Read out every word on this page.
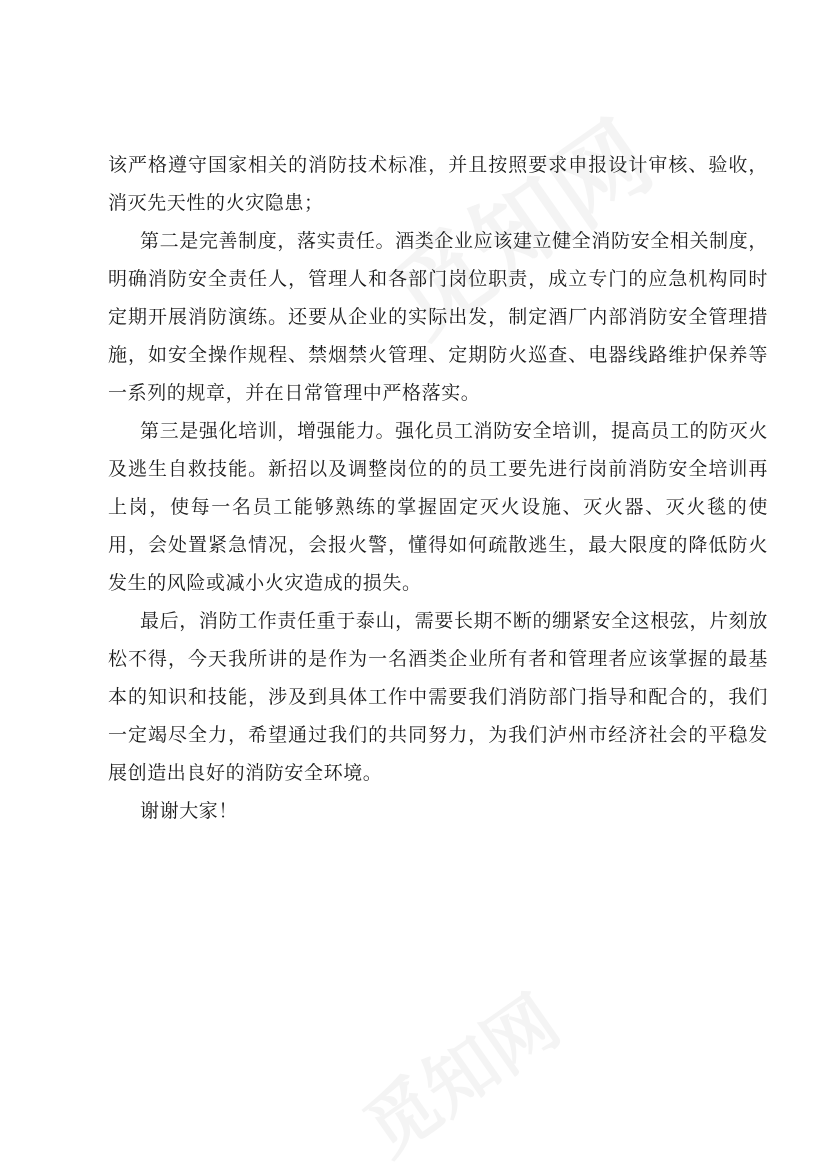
该严格遵守国家相关的消防技术标准，并且按照要求申报设计审核、验收，消灭先天性的火灾隐患；

第二是完善制度，落实责任。酒类企业应该建立健全消防安全相关制度，明确消防安全责任人，管理人和各部门岗位职责，成立专门的应急机构同时定期开展消防演练。还要从企业的实际出发，制定酒厂内部消防安全管理措施，如安全操作规程、禁烟禁火管理、定期防火巡查、电器线路维护保养等一系列的规章，并在日常管理中严格落实。

第三是强化培训，增强能力。强化员工消防安全培训，提高员工的防灭火及逃生自救技能。新招以及调整岗位的的员工要先进行岗前消防安全培训再上岗，使每一名员工能够熟练的掌握固定灭火设施、灭火器、灭火毯的使用，会处置紧急情况，会报火警，懂得如何疏散逃生，最大限度的降低防火发生的风险或减小火灾造成的损失。

最后，消防工作责任重于泰山，需要长期不断的绷紧安全这根弦，片刻放松不得，今天我所讲的是作为一名酒类企业所有者和管理者应该掌握的最基本的知识和技能，涉及到具体工作中需要我们消防部门指导和配合的，我们一定竭尽全力，希望通过我们的共同努力，为我们泸州市经济社会的平稳发展创造出良好的消防安全环境。

谢谢大家！
